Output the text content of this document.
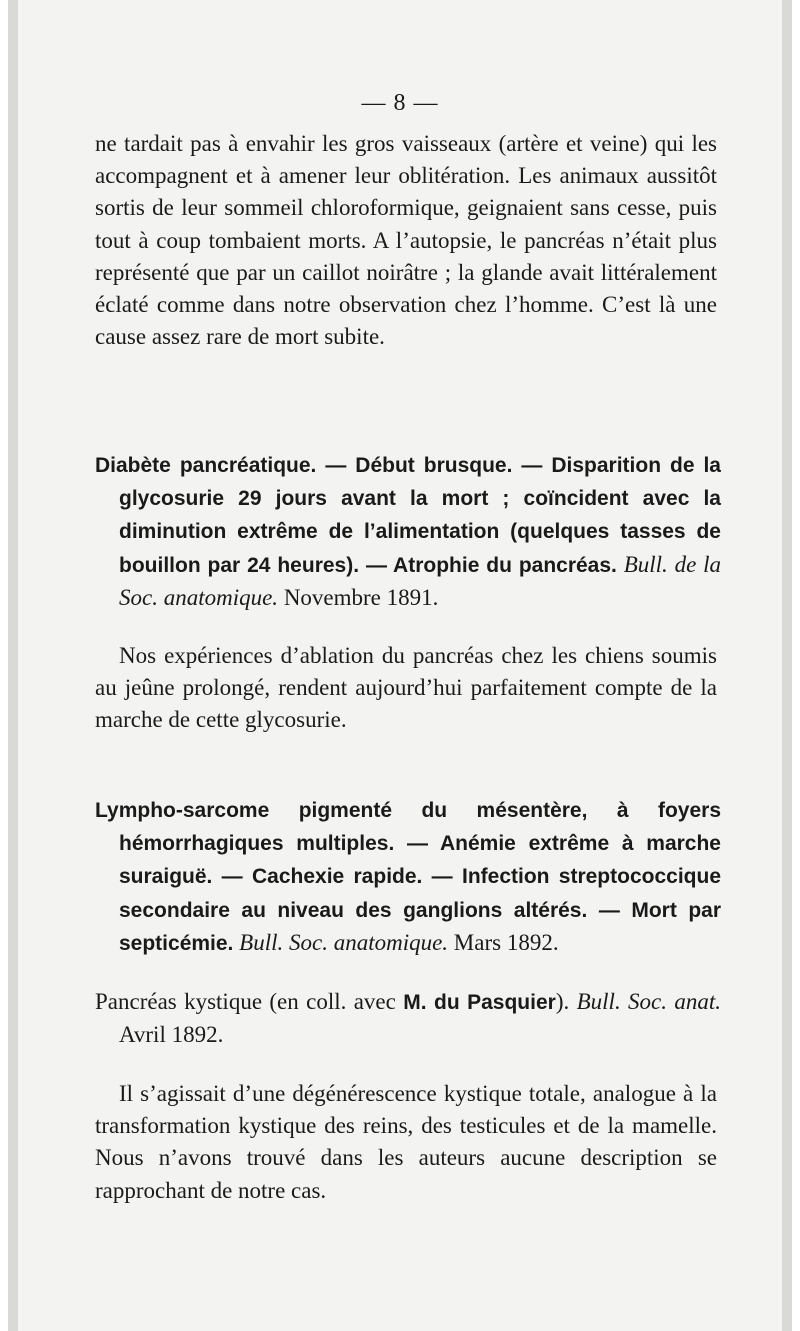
— 8 —
ne tardait pas à envahir les gros vaisseaux (artère et veine) qui les accompagnent et à amener leur oblitération. Les animaux aussitôt sortis de leur sommeil chloroformique, geignaient sans cesse, puis tout à coup tombaient morts. A l’autopsie, le pancréas n’était plus représenté que par un caillot noirâtre ; la glande avait littéralement éclaté comme dans notre observation chez l’homme. C’est là une cause assez rare de mort subite.
Diabète pancréatique. — Début brusque. — Disparition de la glycosurie 29 jours avant la mort ; coïncident avec la diminution extrême de l’alimentation (quelques tasses de bouillon par 24 heures). — Atrophie du pancréas. Bull. de la Soc. anatomique. Novembre 1891.
Nos expériences d’ablation du pancréas chez les chiens soumis au jeûne prolongé, rendent aujourd’hui parfaitement compte de la marche de cette glycosurie.
Lympho-sarcome pigmenté du mésentère, à foyers hémorrhagiques multiples. — Anémie extrême à marche suraiguë. — Cachexie rapide. — Infection streptococcique secondaire au niveau des ganglions altérés. — Mort par septicémie. Bull. Soc. anatomique. Mars 1892.
Pancréas kystique (en coll. avec M. du Pasquier). Bull. Soc. anat. Avril 1892.
Il s’agissait d’une dégénérescence kystique totale, analogue à la transformation kystique des reins, des testicules et de la mamelle. Nous n’avons trouvé dans les auteurs aucune description se rapprochant de notre cas.
